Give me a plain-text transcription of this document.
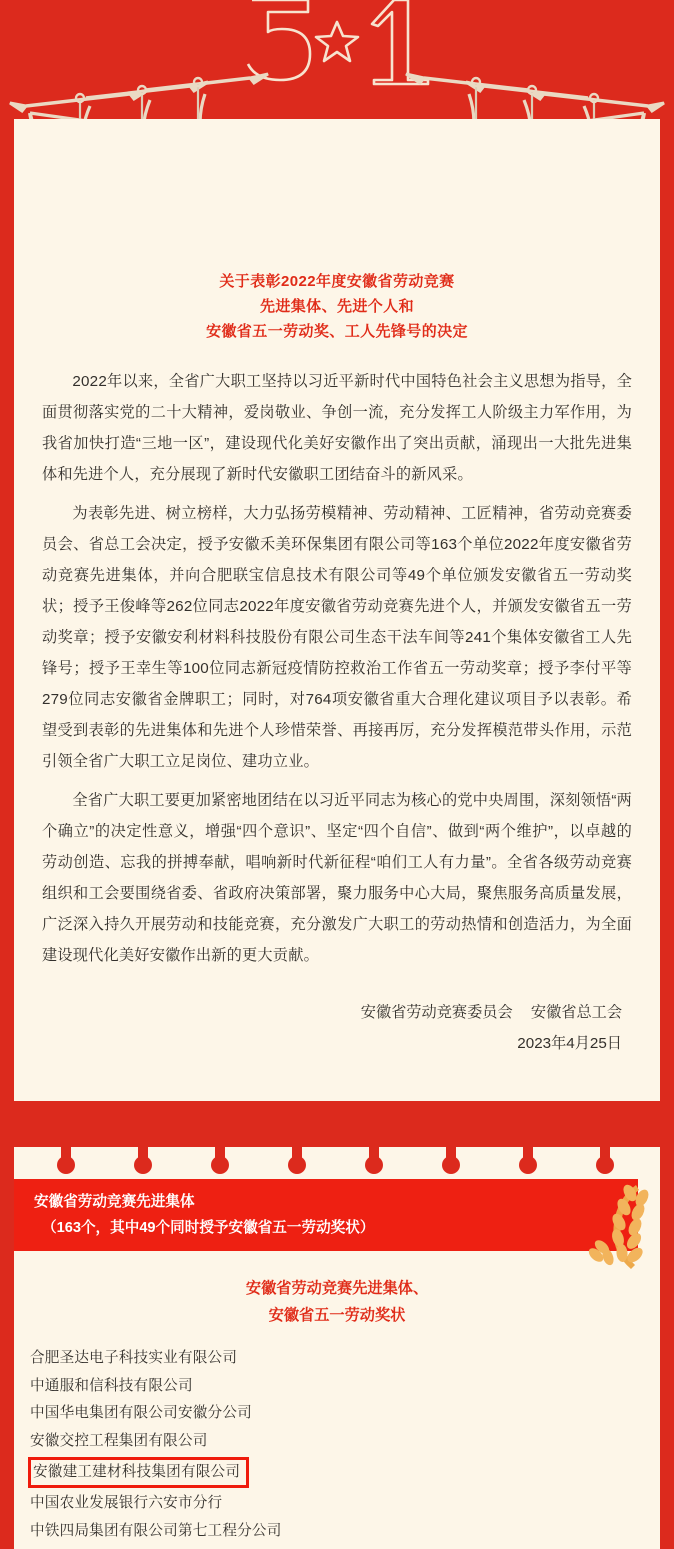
关于表彰2022年度安徽省劳动竞赛
先进集体、先进个人和
安徽省五一劳动奖、工人先锋号的决定

2022年以来，全省广大职工坚持以习近平新时代中国特色社会主义思想为指导，全面贯彻落实党的二十大精神，爱岗敬业、争创一流，充分发挥工人阶级主力军作用，为我省加快打造“三地一区”，建设现代化美好安徽作出了突出贡献，涌现出一大批先进集体和先进个人，充分展现了新时代安徽职工团结奋斗的新风采。

为表彰先进、树立榜样，大力弘扬劳模精神、劳动精神、工匠精神，省劳动竞赛委员会、省总工会决定，授予安徽禾美环保集团有限公司等163个单位2022年度安徽省劳动竞赛先进集体，并向合肥联宝信息技术有限公司等49个单位颁发安徽省五一劳动奖状；授予王俊峰等262位同志2022年度安徽省劳动竞赛先进个人，并颁发安徽省五一劳动奖章；授予安徽安利材料科技股份有限公司生态干法车间等241个集体安徽省工人先锋号；授予王幸生等100位同志新冠疫情防控救治工作省五一劳动奖章；授予李付平等279位同志安徽省金牌职工；同时，对764项安徽省重大合理化建议项目予以表彰。希望受到表彰的先进集体和先进个人珍惜荣誉、再接再厉，充分发挥模范带头作用，示范引领全省广大职工立足岗位、建功立业。

全省广大职工要更加紧密地团结在以习近平同志为核心的党中央周围，深刻领悟“两个确立”的决定性意义，增强“四个意识”、坚定“四个自信”、做到“两个维护”，以卓越的劳动创造、忘我的拼搏奉献，唱响新时代新征程“咱们工人有力量”。全省各级劳动竞赛组织和工会要围绕省委、省政府决策部署，聚力服务中心大局，聚焦服务高质量发展，广泛深入持久开展劳动和技能竞赛，充分激发广大职工的劳动热情和创造活力，为全面建设现代化美好安徽作出新的更大贡献。

安徽省劳动竞赛委员会 安徽省总工会
2023年4月25日
安徽省劳动竞赛先进集体
（163个，其中49个同时授予安徽省五一劳动奖状）
安徽省劳动竞赛先进集体、
安徽省五一劳动奖状
合肥圣达电子科技实业有限公司
中通服和信科技有限公司
中国华电集团有限公司安徽分公司
安徽交控工程集团有限公司
安徽建工建材科技集团有限公司
中国农业发展银行六安市分行
中铁四局集团有限公司第七工程分公司
